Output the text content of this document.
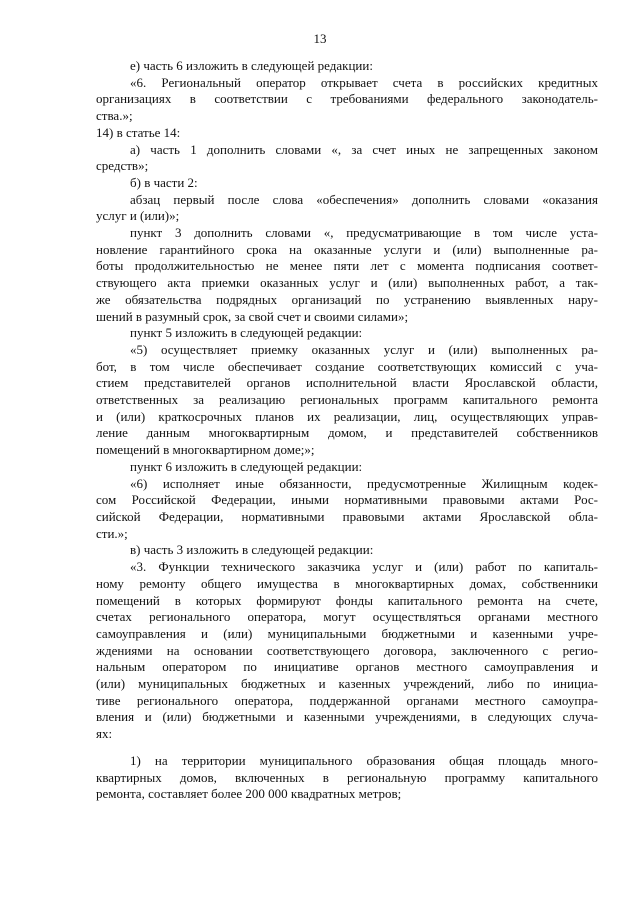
13
е) часть 6 изложить в следующей редакции:
«6. Региональный оператор открывает счета в российских кредитных
организациях в соответствии с требованиями федерального законодатель-
ства.»;
14) в статье 14:
а) часть 1 дополнить словами «, за счет иных не запрещенных законом
средств»;
б) в части 2:
абзац первый после слова «обеспечения» дополнить словами «оказания
услуг и (или)»;
пункт 3 дополнить словами «, предусматривающие в том числе уста-
новление гарантийного срока на оказанные услуги и (или) выполненные ра-
боты продолжительностью не менее пяти лет с момента подписания соответ-
ствующего акта приемки оказанных услуг и (или) выполненных работ, а так-
же обязательства подрядных организаций по устранению выявленных нару-
шений в разумный срок, за свой счет и своими силами»;
пункт 5 изложить в следующей редакции:
«5) осуществляет приемку оказанных услуг и (или) выполненных ра-
бот, в том числе обеспечивает создание соответствующих комиссий с уча-
стием представителей органов исполнительной власти Ярославской области,
ответственных за реализацию региональных программ капитального ремонта
и (или) краткосрочных планов их реализации, лиц, осуществляющих управ-
ление данным многоквартирным домом, и представителей собственников
помещений в многоквартирном доме;»;
пункт 6 изложить в следующей редакции:
«6) исполняет иные обязанности, предусмотренные Жилищным кодек-
сом Российской Федерации, иными нормативными правовыми актами Рос-
сийской Федерации, нормативными правовыми актами Ярославской обла-
сти.»;
в) часть 3 изложить в следующей редакции:
«3. Функции технического заказчика услуг и (или) работ по капиталь-
ному ремонту общего имущества в многоквартирных домах, собственники
помещений в которых формируют фонды капитального ремонта на счете,
счетах регионального оператора, могут осуществляться органами местного
самоуправления и (или) муниципальными бюджетными и казенными учре-
ждениями на основании соответствующего договора, заключенного с регио-
нальным оператором по инициативе органов местного самоуправления и
(или) муниципальных бюджетных и казенных учреждений, либо по инициа-
тиве регионального оператора, поддержанной органами местного самоупра-
вления и (или) бюджетными и казенными учреждениями, в следующих случа-
ях:
1) на территории муниципального образования общая площадь много-
квартирных домов, включенных в региональную программу капитального
ремонта, составляет более 200 000 квадратных метров;
